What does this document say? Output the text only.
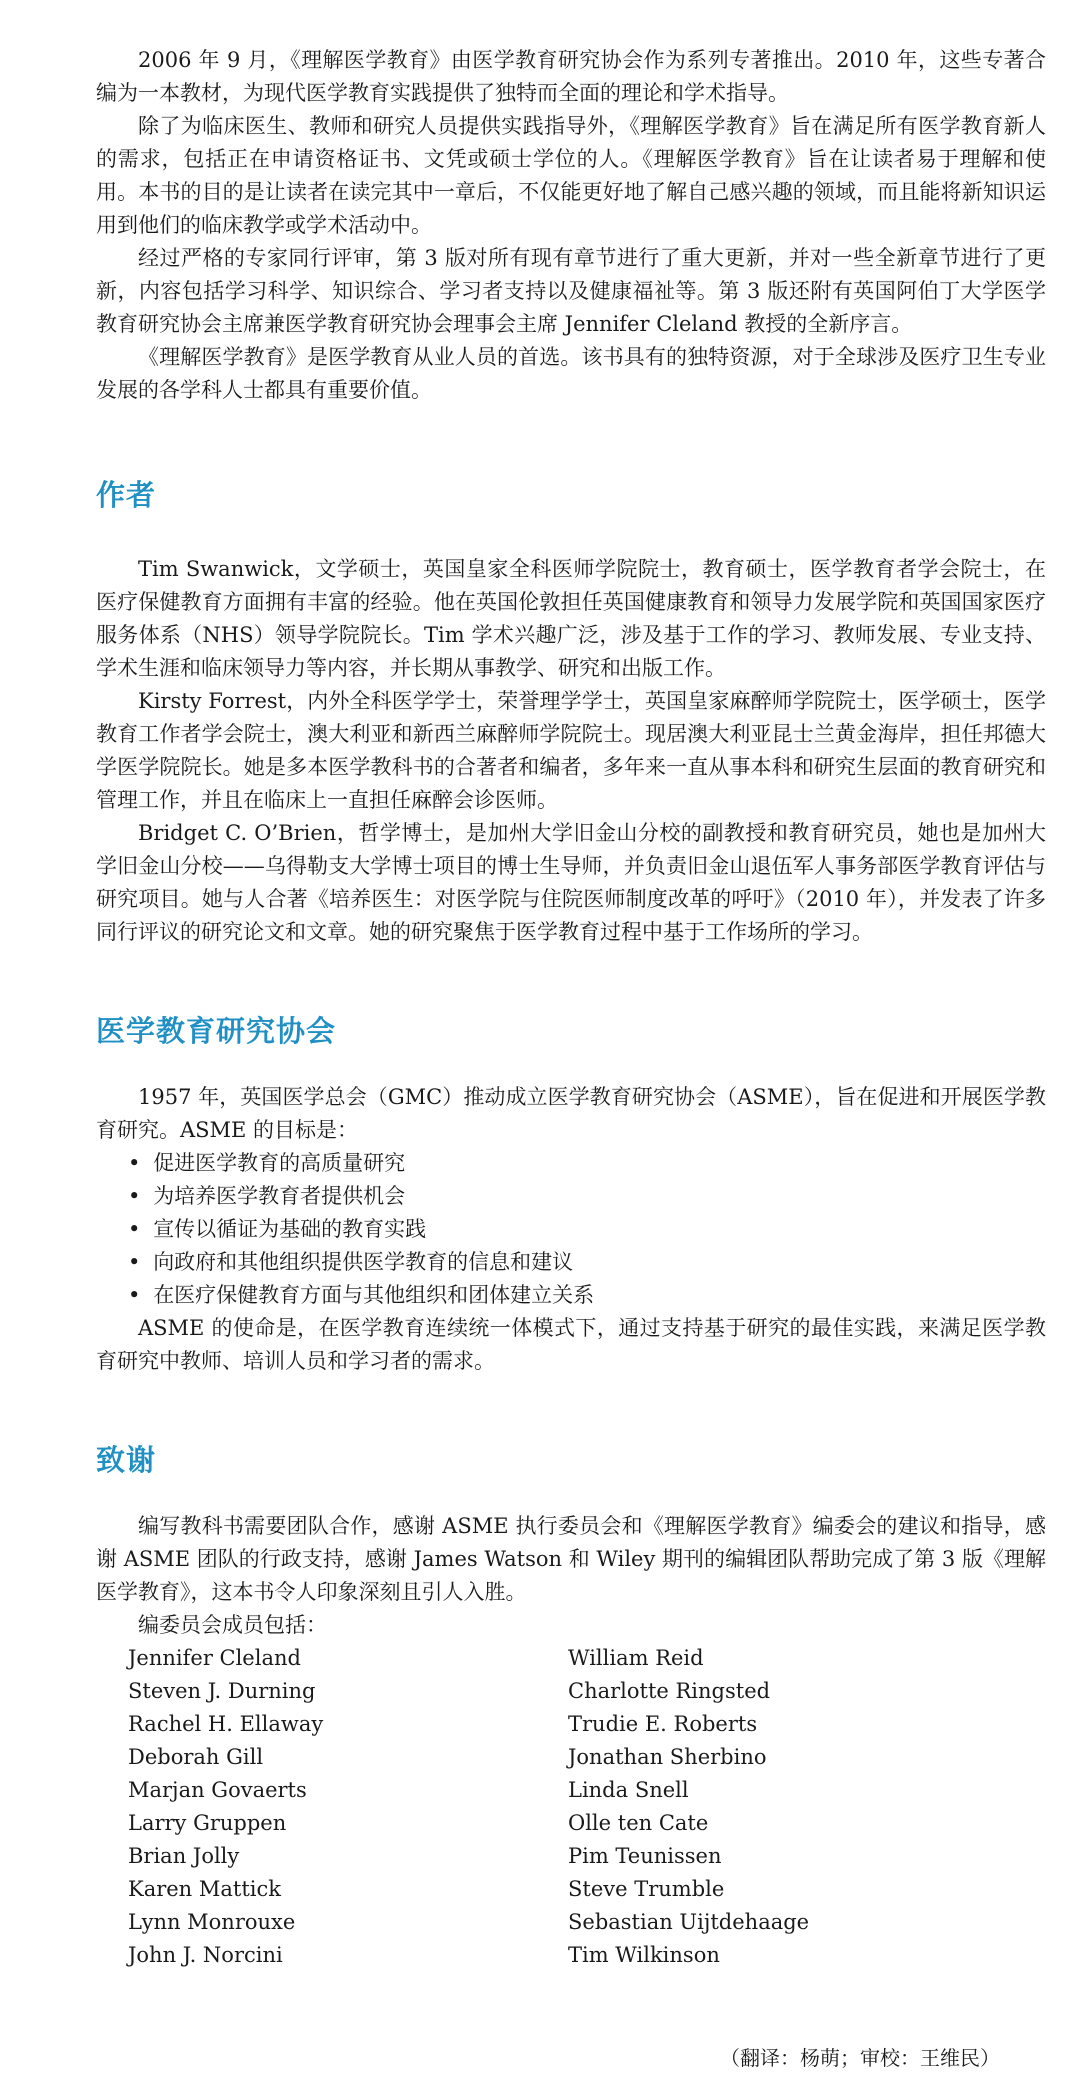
2006 年 9 月，《理解医学教育》由医学教育研究协会作为系列专著推出。2010 年，这些专著合编为一本教材，为现代医学教育实践提供了独特而全面的理论和学术指导。

除了为临床医生、教师和研究人员提供实践指导外，《理解医学教育》旨在满足所有医学教育新人的需求，包括正在申请资格证书、文凭或硕士学位的人。《理解医学教育》旨在让读者易于理解和使用。本书的目的是让读者在读完其中一章后，不仅能更好地了解自己感兴趣的领域，而且能将新知识运用到他们的临床教学或学术活动中。

经过严格的专家同行评审，第 3 版对所有现有章节进行了重大更新，并对一些全新章节进行了更新，内容包括学习科学、知识综合、学习者支持以及健康福祉等。第 3 版还附有英国阿伯丁大学医学教育研究协会主席兼医学教育研究协会理事会主席 Jennifer Cleland 教授的全新序言。

《理解医学教育》是医学教育从业人员的首选。该书具有的独特资源，对于全球涉及医疗卫生专业发展的各学科人士都具有重要价值。

作者

Tim Swanwick，文学硕士，英国皇家全科医师学院院士，教育硕士，医学教育者学会院士，在医疗保健教育方面拥有丰富的经验。他在英国伦敦担任英国健康教育和领导力发展学院和英国国家医疗服务体系（NHS）领导学院院长。Tim 学术兴趣广泛，涉及基于工作的学习、教师发展、专业支持、学术生涯和临床领导力等内容，并长期从事教学、研究和出版工作。

Kirsty Forrest，内外全科医学学士，荣誉理学学士，英国皇家麻醉师学院院士，医学硕士，医学教育工作者学会院士，澳大利亚和新西兰麻醉师学院院士。现居澳大利亚昆士兰黄金海岸，担任邦德大学医学院院长。她是多本医学教科书的合著者和编者，多年来一直从事本科和研究生层面的教育研究和管理工作，并且在临床上一直担任麻醉会诊医师。

Bridget C. O’Brien，哲学博士，是加州大学旧金山分校的副教授和教育研究员，她也是加州大学旧金山分校——乌得勒支大学博士项目的博士生导师，并负责旧金山退伍军人事务部医学教育评估与研究项目。她与人合著《培养医生：对医学院与住院医师制度改革的呼吁》（2010 年），并发表了许多同行评议的研究论文和文章。她的研究聚焦于医学教育过程中基于工作场所的学习。

医学教育研究协会

1957 年，英国医学总会（GMC）推动成立医学教育研究协会（ASME），旨在促进和开展医学教育研究。ASME 的目标是：

• 促进医学教育的高质量研究
• 为培养医学教育者提供机会
• 宣传以循证为基础的教育实践
• 向政府和其他组织提供医学教育的信息和建议
• 在医疗保健教育方面与其他组织和团体建立关系

ASME 的使命是，在医学教育连续统一体模式下，通过支持基于研究的最佳实践，来满足医学教育研究中教师、培训人员和学习者的需求。

致谢

编写教科书需要团队合作，感谢 ASME 执行委员会和《理解医学教育》编委会的建议和指导，感谢 ASME 团队的行政支持，感谢 James Watson 和 Wiley 期刊的编辑团队帮助完成了第 3 版《理解医学教育》，这本书令人印象深刻且引人入胜。

编委员会成员包括：

Jennifer Cleland	William Reid
Steven J. Durning	Charlotte Ringsted
Rachel H. Ellaway	Trudie E. Roberts
Deborah Gill	Jonathan Sherbino
Marjan Govaerts	Linda Snell
Larry Gruppen	Olle ten Cate
Brian Jolly	Pim Teunissen
Karen Mattick	Steve Trumble
Lynn Monrouxe	Sebastian Uijtdehaage
John J. Norcini	Tim Wilkinson
（翻译：杨萌；审校：王维民）
